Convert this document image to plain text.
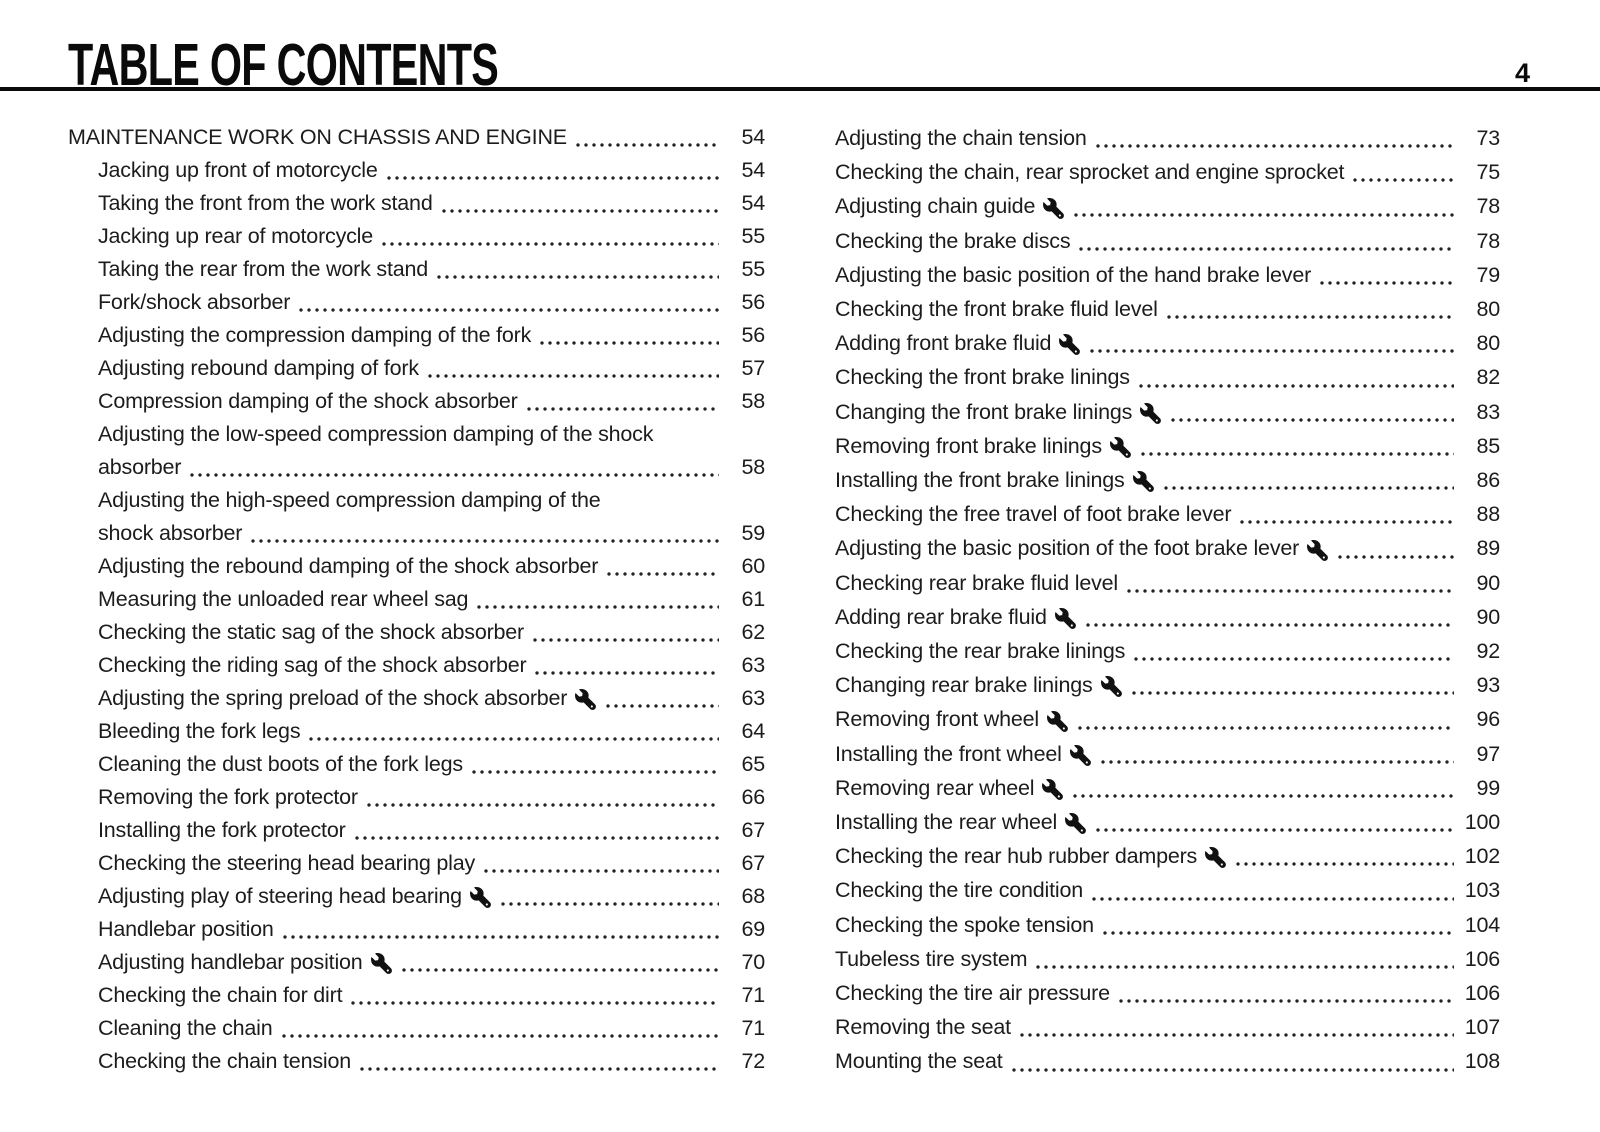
TABLE OF CONTENTS	4
MAINTENANCE WORK ON CHASSIS AND ENGINE	54
Jacking up front of motorcycle	54
Taking the front from the work stand	54
Jacking up rear of motorcycle	55
Taking the rear from the work stand	55
Fork/shock absorber	56
Adjusting the compression damping of the fork	56
Adjusting rebound damping of fork	57
Compression damping of the shock absorber	58
Adjusting the low-speed compression damping of the shock
absorber	58
Adjusting the high-speed compression damping of the
shock absorber	59
Adjusting the rebound damping of the shock absorber	60
Measuring the unloaded rear wheel sag	61
Checking the static sag of the shock absorber	62
Checking the riding sag of the shock absorber	63
Adjusting the spring preload of the shock absorber	63
Bleeding the fork legs	64
Cleaning the dust boots of the fork legs	65
Removing the fork protector	66
Installing the fork protector	67
Checking the steering head bearing play	67
Adjusting play of steering head bearing	68
Handlebar position	69
Adjusting handlebar position	70
Checking the chain for dirt	71
Cleaning the chain	71
Checking the chain tension	72
Adjusting the chain tension	73
Checking the chain, rear sprocket and engine sprocket	75
Adjusting chain guide	78
Checking the brake discs	78
Adjusting the basic position of the hand brake lever	79
Checking the front brake fluid level	80
Adding front brake fluid	80
Checking the front brake linings	82
Changing the front brake linings	83
Removing front brake linings	85
Installing the front brake linings	86
Checking the free travel of foot brake lever	88
Adjusting the basic position of the foot brake lever	89
Checking rear brake fluid level	90
Adding rear brake fluid	90
Checking the rear brake linings	92
Changing rear brake linings	93
Removing front wheel	96
Installing the front wheel	97
Removing rear wheel	99
Installing the rear wheel	100
Checking the rear hub rubber dampers	102
Checking the tire condition	103
Checking the spoke tension	104
Tubeless tire system	106
Checking the tire air pressure	106
Removing the seat	107
Mounting the seat	108
